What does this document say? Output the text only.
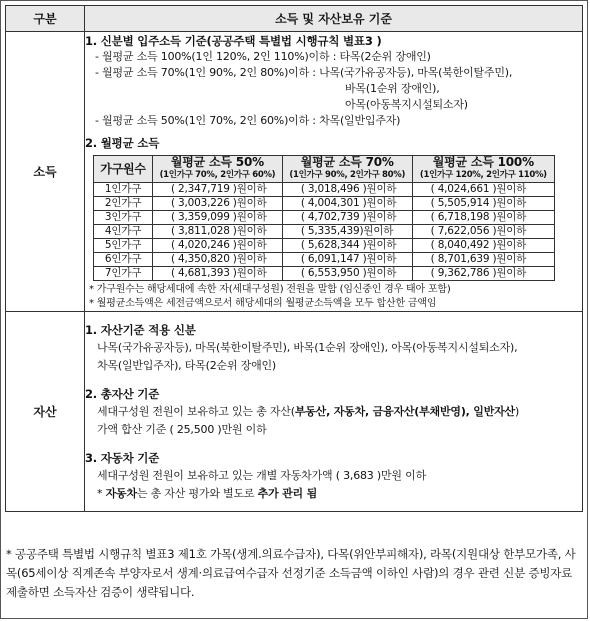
구분	소득 및 자산보유 기준
소득	
1. 신분별 입주소득 기준(공공주택 특별법 시행규칙 별표3 )
- 월평균 소득 100%(1인 120%, 2인 110%)이하 : 타목(2순위 장애인)
- 월평균 소득 70%(1인 90%, 2인 80%)이하 : 나목(국가유공자등), 마목(북한이탈주민),
바목(1순위 장애인),
아목(아동복지시설퇴소자)
- 월평균 소득 50%(1인 70%, 2인 60%)이하 : 차목(일반입주자)
2. 월평균 소득
가구원수	월평균 소득 50%
(1인가구 70%, 2인가구 60%)
	월평균 소득 70%
(1인가구 90%, 2인가구 80%)
	월평균 소득 100%
(1인가구 120%, 2인가구 110%)

1인가구	( 2,347,719 )원이하	( 3,018,496 )원이하	( 4,024,661 )원이하
2인가구	( 3,003,226 )원이하	( 4,004,301 )원이하	( 5,505,914 )원이하
3인가구	( 3,359,099 )원이하	( 4,702,739 )원이하	( 6,718,198 )원이하
4인가구	( 3,811,028 )원이하	( 5,335,439)원이하	( 7,622,056 )원이하
5인가구	( 4,020,246 )원이하	( 5,628,344 )원이하	( 8,040,492 )원이하
6인가구	( 4,350,820 )원이하	( 6,091,147 )원이하	( 8,701,639 )원이하
7인가구	( 4,681,393 )원이하	( 6,553,950 )원이하	( 9,362,786 )원이하
* 가구원수는 해당세대에 속한 자(세대구성원) 전원을 말함 (임신중인 경우 태아 포함)
* 월평균소득액은 세전금액으로서 해당세대의 월평균소득액을 모두 합산한 금액임

자산	
1. 자산기준 적용 신분
나목(국가유공자등), 마목(북한이탈주민), 바목(1순위 장애인), 아목(아동복지시설퇴소자),
차목(일반입주자), 타목(2순위 장애인)
2. 총자산 기준
세대구성원 전원이 보유하고 있는 총 자산(부동산, 자동차, 금융자산(부채반영), 일반자산)
가액 합산 기준 ( 25,500 )만원 이하
3. 자동차 기준
세대구성원 전원이 보유하고 있는 개별 자동차가액 ( 3,683 )만원 이하
* 자동차는 총 자산 평가와 별도로 추가 관리 됨
* 공공주택 특별법 시행규칙 별표3 제1호 가목(생계.의료수급자), 다목(위안부피해자), 라목(지원대상 한부모가족, 사목(65세이상 직계존속 부양자로서 생계·의료급여수급자 선정기준 소득금액 이하인 사람)의 경우 관련 신분 증빙자료 제출하면 소득자산 검증이 생략됩니다.
